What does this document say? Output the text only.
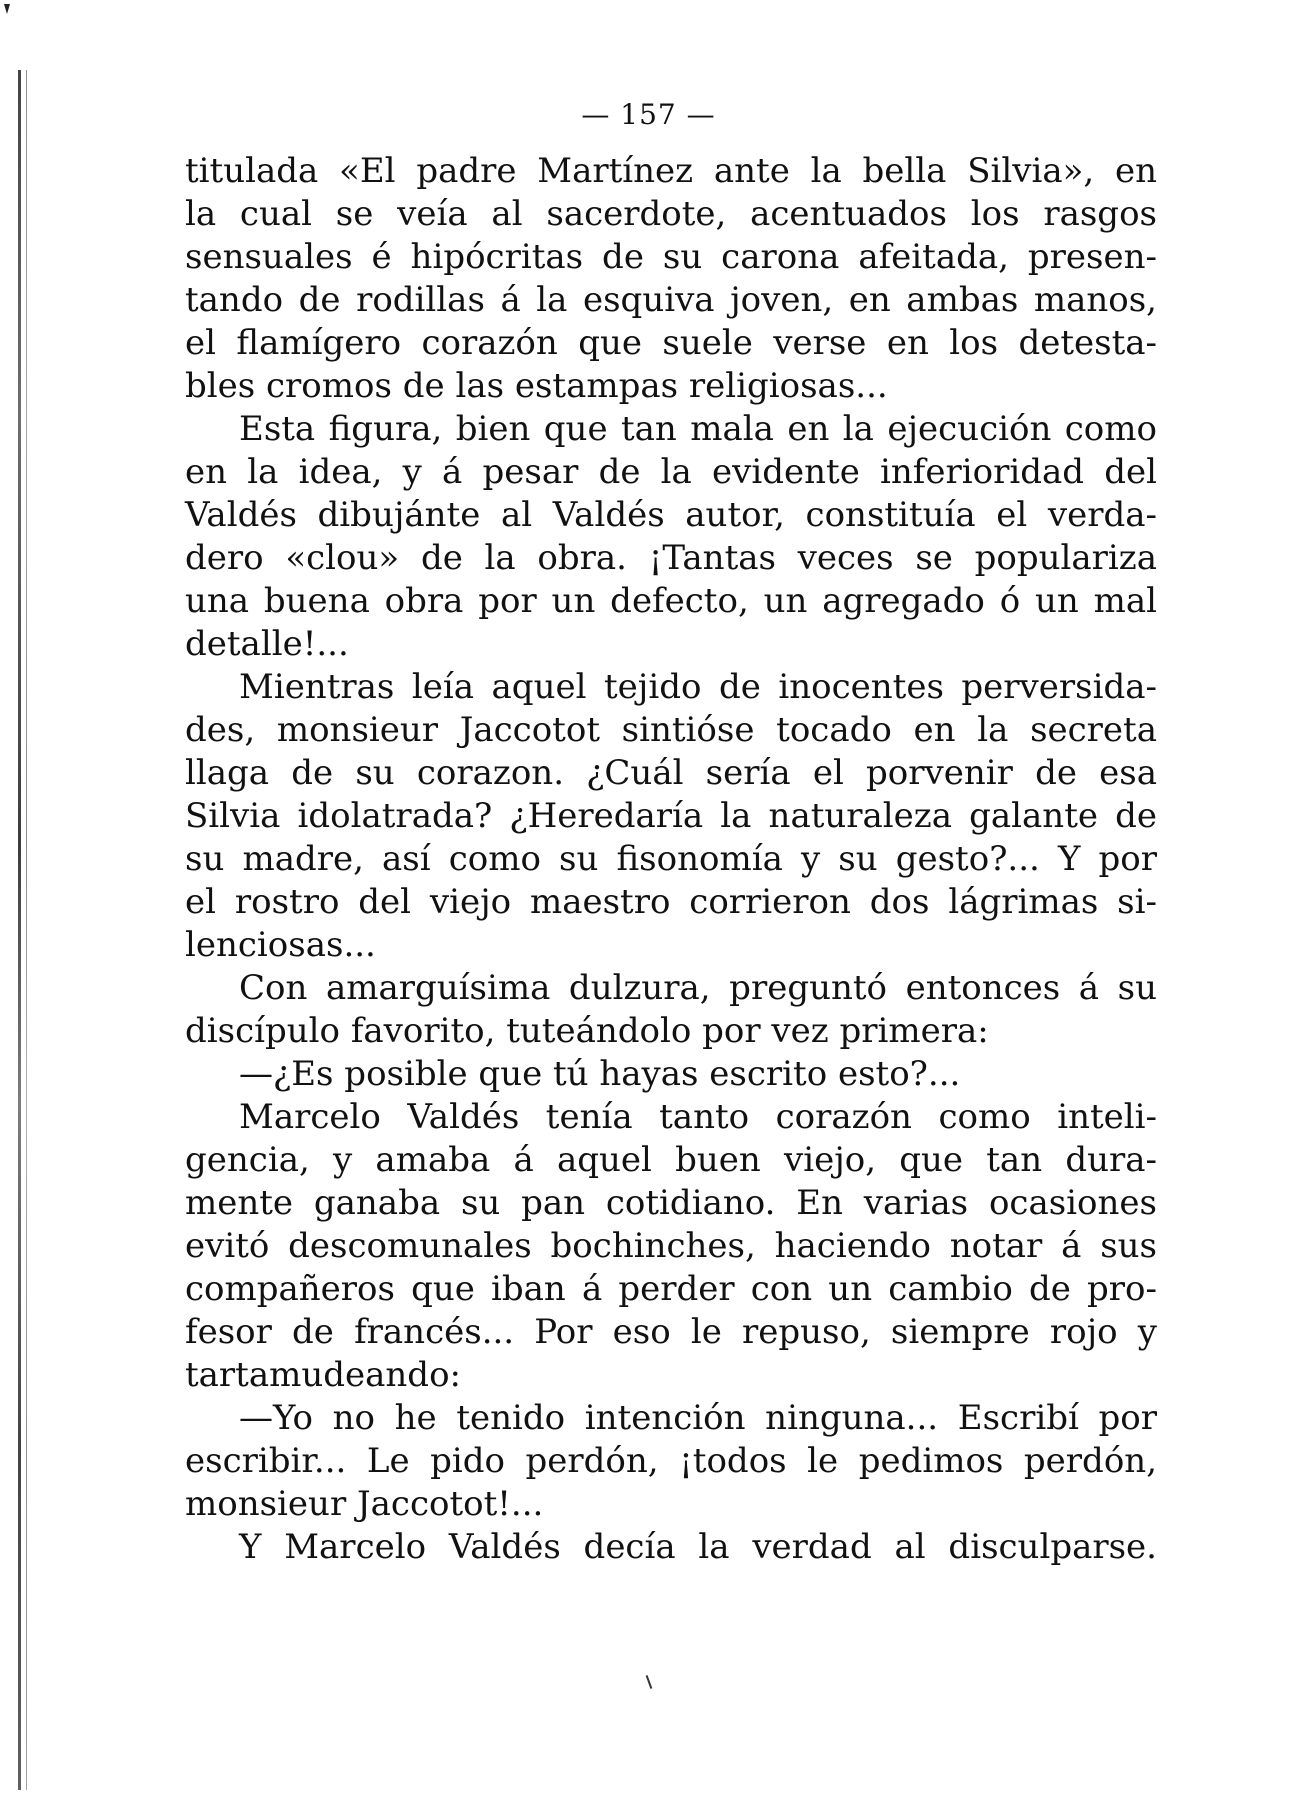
— 157 —
titulada «El padre Martínez ante la bella Silvia», en
la cual se veía al sacerdote, acentuados los rasgos
sensuales é hipócritas de su carona afeitada, presen-
tando de rodillas á la esquiva joven, en ambas manos,
el flamígero corazón que suele verse en los detesta-
bles cromos de las estampas religiosas...
Esta figura, bien que tan mala en la ejecución como
en la idea, y á pesar de la evidente inferioridad del
Valdés dibujánte al Valdés autor, constituía el verda-
dero «clou» de la obra. ¡Tantas veces se populariza
una buena obra por un defecto, un agregado ó un mal
detalle!...
Mientras leía aquel tejido de inocentes perversida-
des, monsieur Jaccotot sintióse tocado en la secreta
llaga de su corazon. ¿Cuál sería el porvenir de esa
Silvia idolatrada? ¿Heredaría la naturaleza galante de
su madre, así como su fisonomía y su gesto?... Y por
el rostro del viejo maestro corrieron dos lágrimas si-
lenciosas...
Con amarguísima dulzura, preguntó entonces á su
discípulo favorito, tuteándolo por vez primera:
—¿Es posible que tú hayas escrito esto?...
Marcelo Valdés tenía tanto corazón como inteli-
gencia, y amaba á aquel buen viejo, que tan dura-
mente ganaba su pan cotidiano. En varias ocasiones
evitó descomunales bochinches, haciendo notar á sus
compañeros que iban á perder con un cambio de pro-
fesor de francés... Por eso le repuso, siempre rojo y
tartamudeando:
—Yo no he tenido intención ninguna... Escribí por
escribir... Le pido perdón, ¡todos le pedimos perdón,
monsieur Jaccotot!...
Y Marcelo Valdés decía la verdad al disculparse.
